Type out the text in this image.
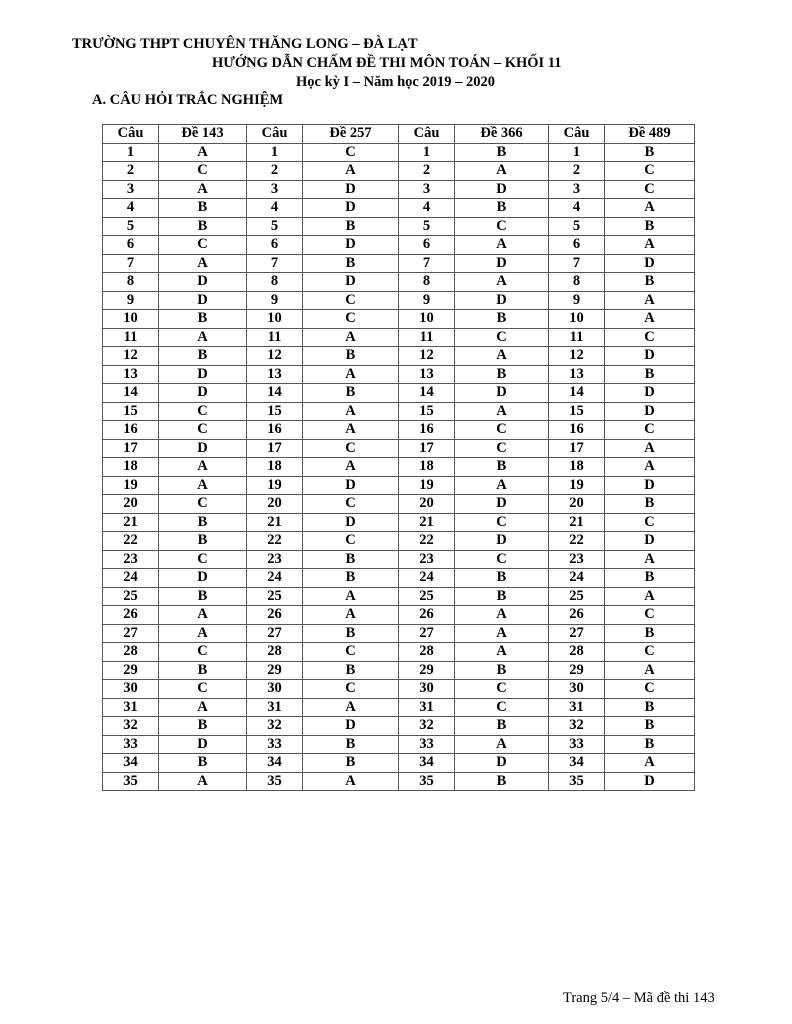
TRƯỜNG THPT CHUYÊN THĂNG LONG – ĐÀ LẠT
HƯỚNG DẪN CHẤM ĐỀ THI MÔN TOÁN – KHỐI 11
Học kỳ I – Năm học 2019 – 2020
A. CÂU HỎI TRẮC NGHIỆM
Câu	Đề 143	Câu	Đề 257	Câu	Đề 366	Câu	Đề 489
1	A	1	C	1	B	1	B
2	C	2	A	2	A	2	C
3	A	3	D	3	D	3	C
4	B	4	D	4	B	4	A
5	B	5	B	5	C	5	B
6	C	6	D	6	A	6	A
7	A	7	B	7	D	7	D
8	D	8	D	8	A	8	B
9	D	9	C	9	D	9	A
10	B	10	C	10	B	10	A
11	A	11	A	11	C	11	C
12	B	12	B	12	A	12	D
13	D	13	A	13	B	13	B
14	D	14	B	14	D	14	D
15	C	15	A	15	A	15	D
16	C	16	A	16	C	16	C
17	D	17	C	17	C	17	A
18	A	18	A	18	B	18	A
19	A	19	D	19	A	19	D
20	C	20	C	20	D	20	B
21	B	21	D	21	C	21	C
22	B	22	C	22	D	22	D
23	C	23	B	23	C	23	A
24	D	24	B	24	B	24	B
25	B	25	A	25	B	25	A
26	A	26	A	26	A	26	C
27	A	27	B	27	A	27	B
28	C	28	C	28	A	28	C
29	B	29	B	29	B	29	A
30	C	30	C	30	C	30	C
31	A	31	A	31	C	31	B
32	B	32	D	32	B	32	B
33	D	33	B	33	A	33	B
34	B	34	B	34	D	34	A
35	A	35	A	35	B	35	D
Trang 5/4 – Mã đề thi 143
